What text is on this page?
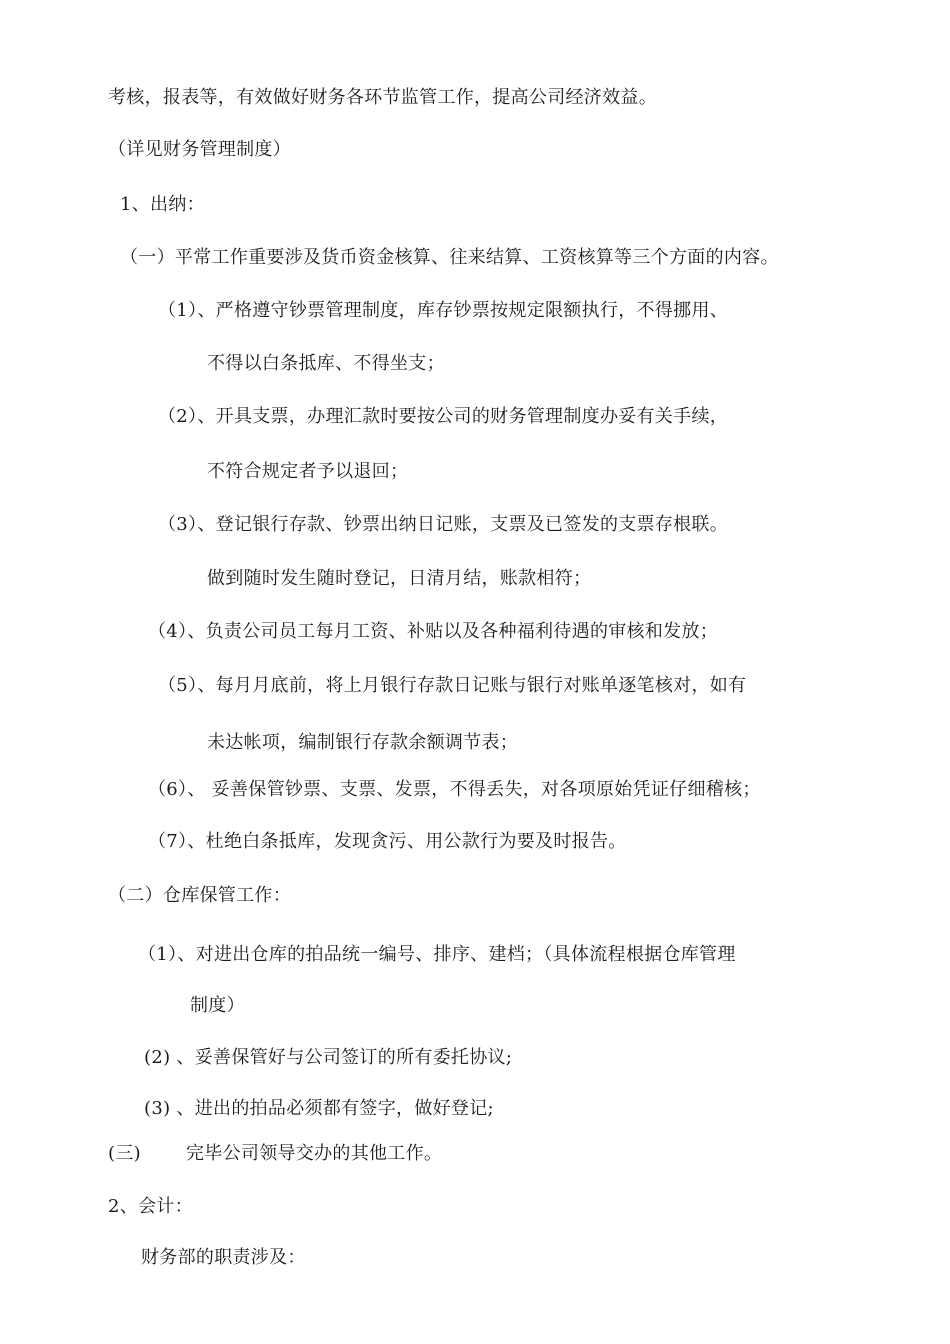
考核，报表等，有效做好财务各环节监管工作，提高公司经济效益。
（详见财务管理制度）
1、出纳：
（一）平常工作重要涉及货币资金核算、往来结算、工资核算等三个方面的内容。
（1）、严格遵守钞票管理制度，库存钞票按规定限额执行，不得挪用、
不得以白条抵库、不得坐支；
（2）、开具支票，办理汇款时要按公司的财务管理制度办妥有关手续，
不符合规定者予以退回；
（3）、登记银行存款、钞票出纳日记账，支票及已签发的支票存根联。
做到随时发生随时登记，日清月结，账款相符；
（4）、负责公司员工每月工资、补贴以及各种福利待遇的审核和发放；
（5）、每月月底前，将上月银行存款日记账与银行对账单逐笔核对，如有
未达帐项，编制银行存款余额调节表；
（6）、 妥善保管钞票、支票、发票，不得丢失，对各项原始凭证仔细稽核；
（7）、杜绝白条抵库，发现贪污、用公款行为要及时报告。
（二）仓库保管工作：
（1）、对进出仓库的拍品统一编号、排序、建档；（具体流程根据仓库管理
制度）
(2) 、妥善保管好与公司签订的所有委托协议;
(3) 、进出的拍品必须都有签字，做好登记;
(三)	完毕公司领导交办的其他工作。
2、会计：
财务部的职责涉及：
